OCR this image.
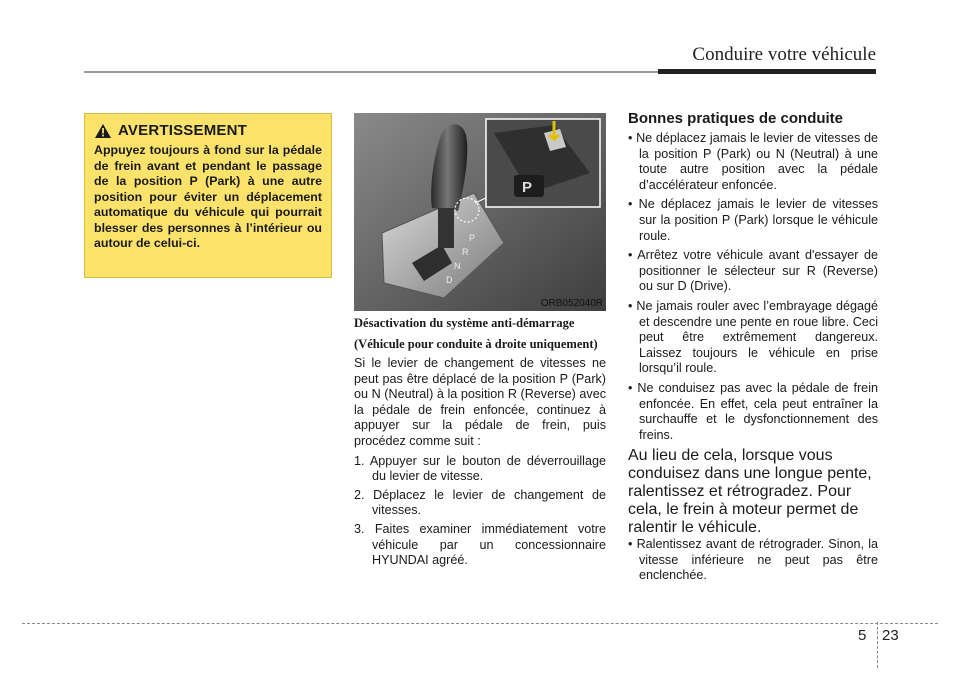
Conduire votre véhicule
AVERTISSEMENT

Appuyez toujours à fond sur la pédale de frein avant et pendant le passage de la position P (Park) à une autre position pour éviter un déplacement automatique du véhicule qui pourrait blesser des personnes à l’intérieur ou autour de celui-ci.	P
R
N
D
P
ORB052040R

Désactivation du système anti-démarrage

(Véhicule pour conduite à droite uniquement)

Si le levier de changement de vitesses ne peut pas être déplacé de la position P (Park) ou N (Neutral) à la position R (Reverse) avec la pédale de frein enfoncée, continuez à appuyer sur la pédale de frein, puis procédez comme suit :

1. Appuyer sur le bouton de déverrouillage du levier de vitesse.
2. Déplacez le levier de changement de vitesses.
3. Faites examiner immédiatement votre véhicule par un concessionnaire HYUNDAI agréé.

Bonnes pratiques de conduite

• Ne déplacez jamais le levier de vitesses de la position P (Park) ou N (Neutral) à une toute autre position avec la pédale d’accélérateur enfoncée.
• Ne déplacez jamais le levier de vitesses sur la position P (Park) lorsque le véhicule roule.
• Arrêtez votre véhicule avant d'essayer de positionner le sélecteur sur R (Reverse) ou sur D (Drive).
• Ne jamais rouler avec l’embrayage dégagé et descendre une pente en roue libre. Ceci peut être extrêmement dangereux. Laissez toujours le véhicule en prise lorsqu’il roule.
• Ne conduisez pas avec la pédale de frein enfoncée. En effet, cela peut entraîner la surchauffe et le dysfonctionnement des freins.

Au lieu de cela, lorsque vous conduisez dans une longue pente, ralentissez et rétrogradez. Pour cela, le frein à moteur permet de ralentir le véhicule.

• Ralentissez avant de rétrograder. Sinon, la vitesse inférieure ne peut pas être enclenchée.
5 23
